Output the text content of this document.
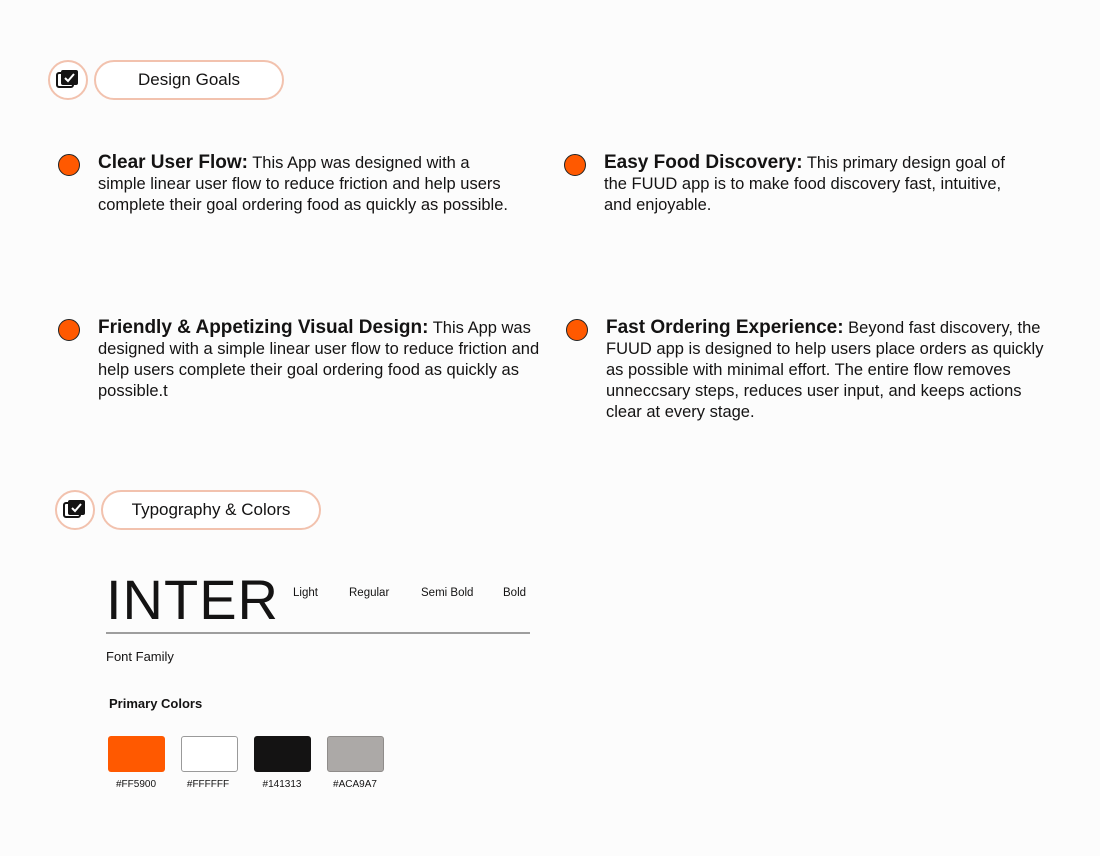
Design Goals
Clear User Flow: This App was designed with a simple linear user flow to reduce friction and help users complete their goal ordering food as quickly as possible.
Easy Food Discovery: This primary design goal of the FUUD app is to make food discovery fast, intuitive, and enjoyable.
Friendly & Appetizing Visual Design: This App was designed with a simple linear user flow to reduce friction and help users complete their goal ordering food as quickly as possible.t
Fast Ordering Experience: Beyond fast discovery, the FUUD app is designed to help users place orders as quickly as possible with minimal effort. The entire flow removes unneccsary steps, reduces user input, and keeps actions clear at every stage.
Typography & Colors
INTER Light	Regular	Semi Bold	Bold
Font Family
Primary Colors
#FF5900	#FFFFFF	#141313	#ACA9A7
